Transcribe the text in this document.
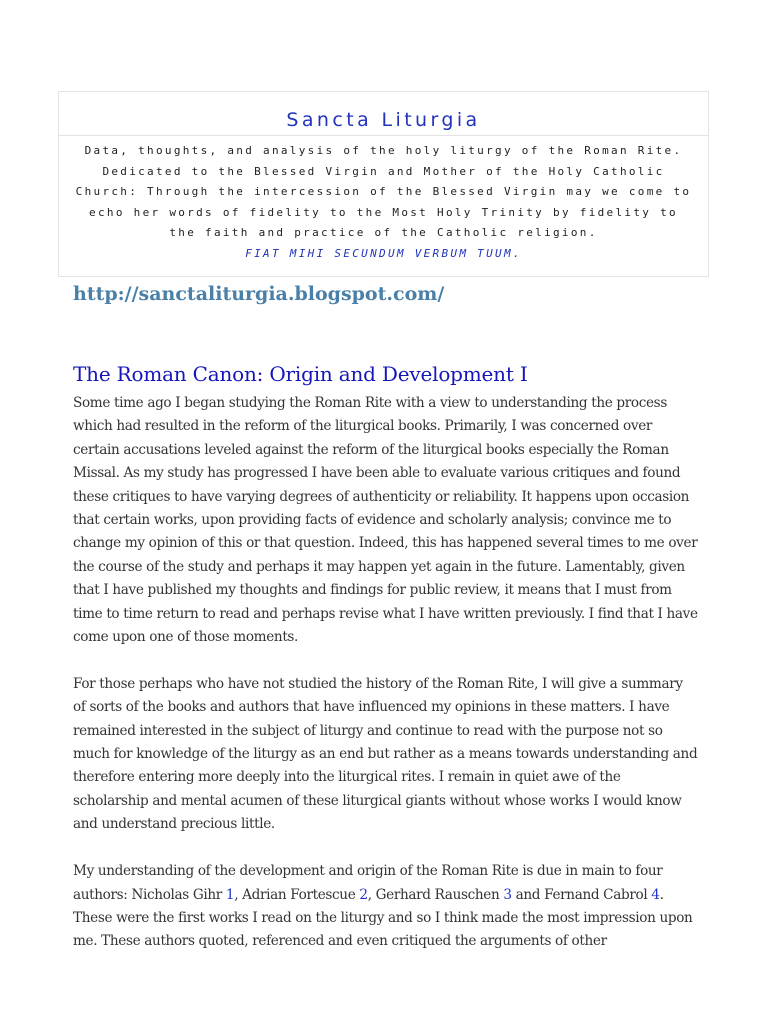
Sancta Liturgia
Data, thoughts, and analysis of the holy liturgy of the Roman Rite. Dedicated to the Blessed Virgin and Mother of the Holy Catholic Church: Through the intercession of the Blessed Virgin may we come to echo her words of fidelity to the Most Holy Trinity by fidelity to the faith and practice of the Catholic religion.
FIAT MIHI SECUNDUM VERBUM TUUM.
http://sanctaliturgia.blogspot.com/
The Roman Canon: Origin and Development I

Some time ago I began studying the Roman Rite with a view to understanding the process which had resulted in the reform of the liturgical books. Primarily, I was concerned over certain accusations leveled against the reform of the liturgical books especially the Roman Missal. As my study has progressed I have been able to evaluate various critiques and found these critiques to have varying degrees of authenticity or reliability. It happens upon occasion that certain works, upon providing facts of evidence and scholarly analysis; convince me to change my opinion of this or that question. Indeed, this has happened several times to me over the course of the study and perhaps it may happen yet again in the future. Lamentably, given that I have published my thoughts and findings for public review, it means that I must from time to time return to read and perhaps revise what I have written previously. I find that I have come upon one of those moments.

For those perhaps who have not studied the history of the Roman Rite, I will give a summary of sorts of the books and authors that have influenced my opinions in these matters. I have remained interested in the subject of liturgy and continue to read with the purpose not so much for knowledge of the liturgy as an end but rather as a means towards understanding and therefore entering more deeply into the liturgical rites. I remain in quiet awe of the scholarship and mental acumen of these liturgical giants without whose works I would know and understand precious little.

My understanding of the development and origin of the Roman Rite is due in main to four authors: Nicholas Gihr 1, Adrian Fortescue 2, Gerhard Rauschen 3 and Fernand Cabrol 4. These were the first works I read on the liturgy and so I think made the most impression upon me. These authors quoted, referenced and even critiqued the arguments of other
